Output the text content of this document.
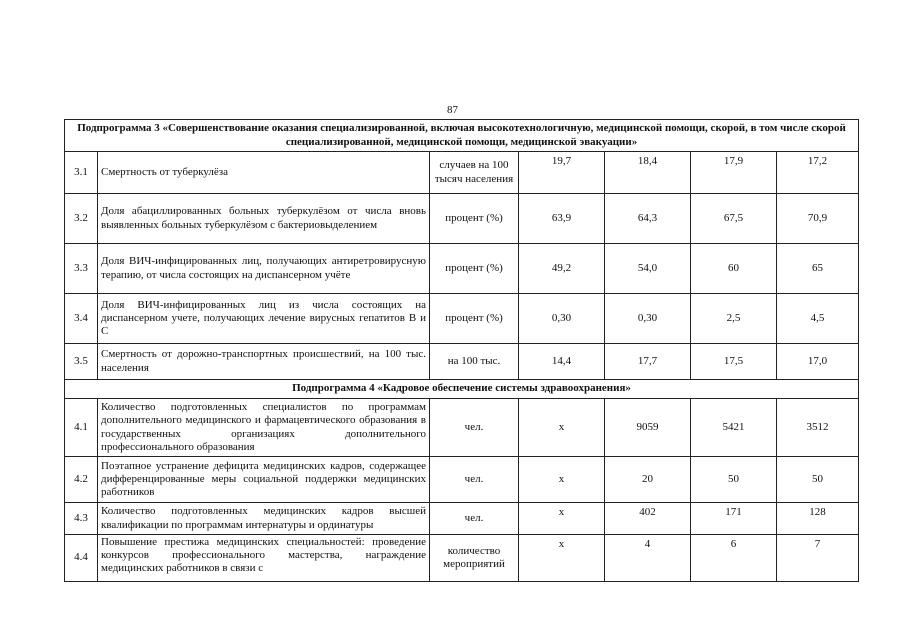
87
Подпрограмма 3 «Совершенствование оказания специализированной, включая высокотехнологичную, медицинской помощи, скорой, в том числе скорой специализированной, медицинской помощи, медицинской эвакуации»						
3.1	Смертность от туберкулёза	случаев на 100 тысяч населения	19,7	18,4	17,9	17,2
3.2	Доля абациллированных больных туберкулёзом от числа вновь выявленных больных туберкулёзом с бактериовыделением	процент (%)	63,9	64,3	67,5	70,9
3.3	Доля ВИЧ-инфицированных лиц, получающих антиретровирусную терапию, от числа состоящих на диспансерном учёте	процент (%)	49,2	54,0	60	65
3.4	Доля ВИЧ-инфицированных лиц из числа состоящих на диспансерном учете, получающих лечение вирусных гепатитов В и С	процент (%)	0,30	0,30	2,5	4,5
3.5	Смертность от дорожно-транспортных происшествий, на 100 тыс. населения	на 100 тыс.	14,4	17,7	17,5	17,0
Подпрограмма 4 «Кадровое обеспечение системы здравоохранения»						
4.1	Количество подготовленных специалистов по программам дополнительного медицинского и фармацевтического образования в государственных организациях дополнительного профессионального образования	чел.	х	9059	5421	3512
4.2	Поэтапное устранение дефицита медицинских кадров, содержащее дифференцированные меры социальной поддержки медицинских работников	чел.	х	20	50	50
4.3	Количество подготовленных медицинских кадров высшей квалификации по программам интернатуры и ординатуры	чел.	х	402	171	128
4.4	Повышение престижа медицинских специальностей: проведение конкурсов профессионального мастерства, награждение медицинских работников в связи с	количество мероприятий	х	4	6	7
